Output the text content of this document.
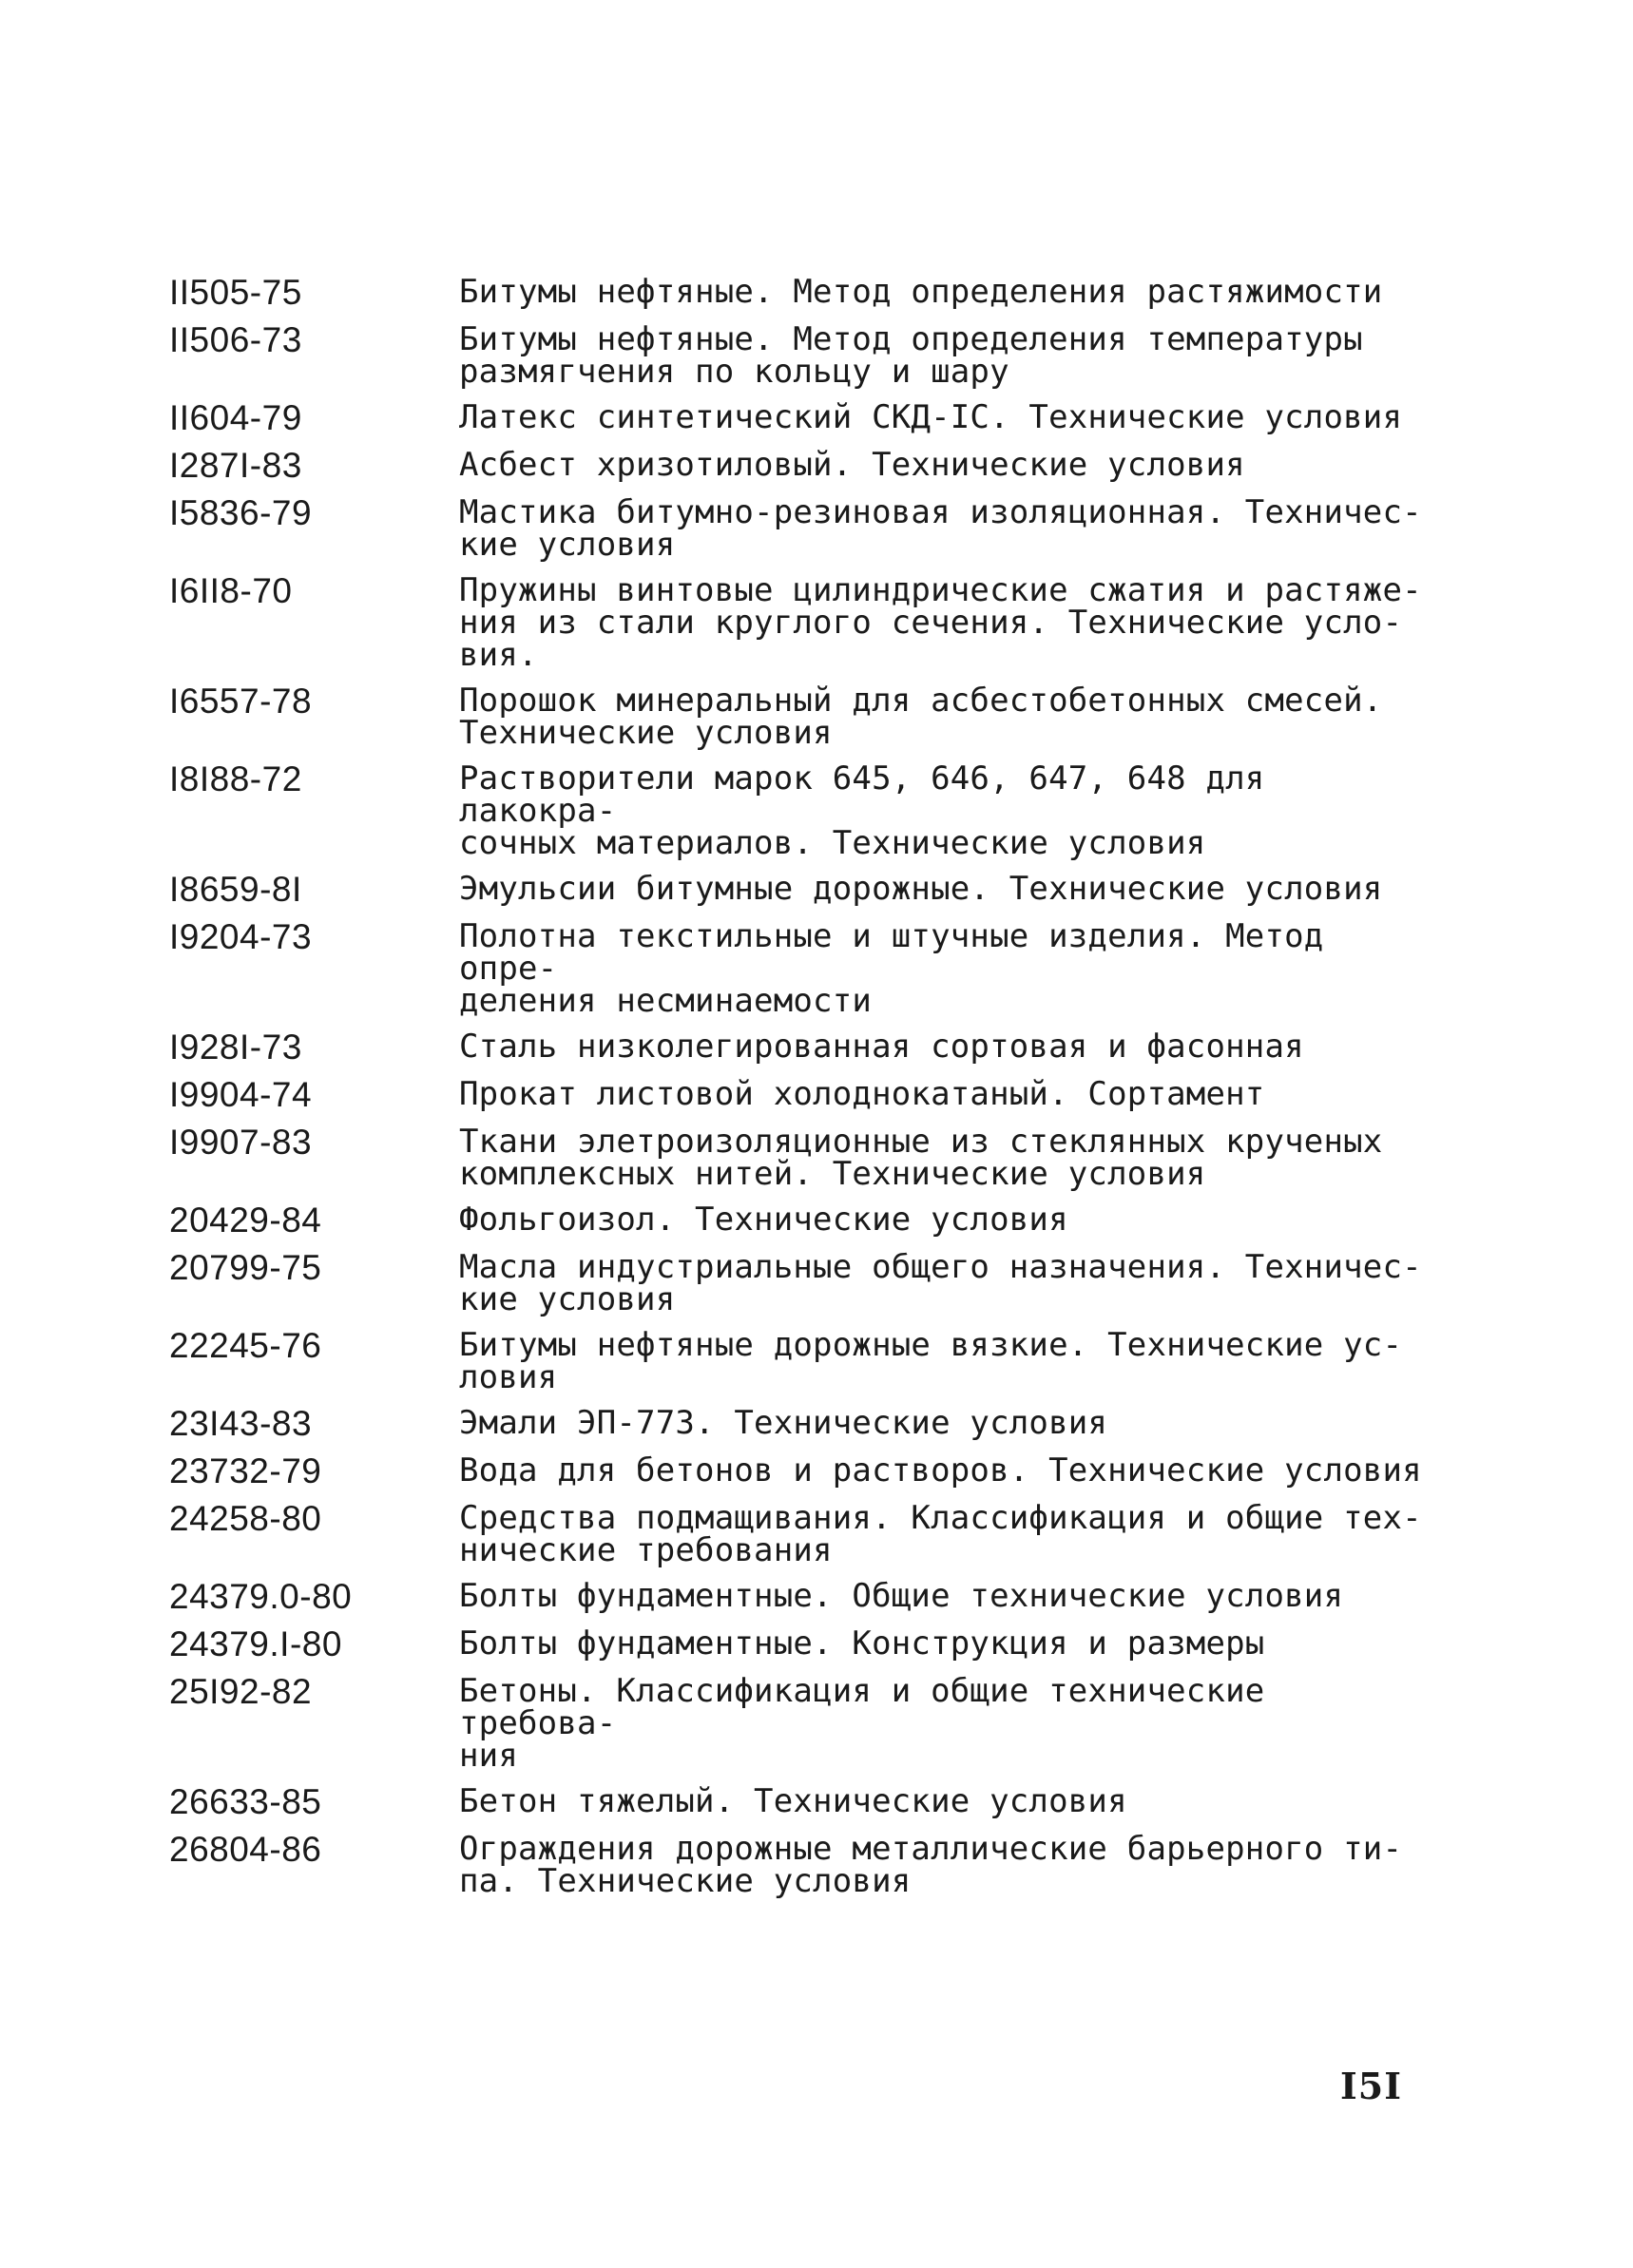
II505-75	Битумы нефтяные. Метод определения растяжимости
II506-73	Битумы нефтяные. Метод определения температуры
размягчения по кольцу и шару
II604-79	Латекс синтетический СКД-IС. Технические условия
I287I-83	Асбест хризотиловый. Технические условия
I5836-79	Мастика битумно-резиновая изоляционная. Техничес-
кие условия
I6II8-70	Пружины винтовые цилиндрические сжатия и растяже-
ния из стали круглого сечения. Технические усло-
вия.
I6557-78	Порошок минеральный для асбестобетонных смесей.
Технические условия
I8I88-72	Растворители марок 645, 646, 647, 648 для лакокра-
сочных материалов. Технические условия
I8659-8I	Эмульсии битумные дорожные. Технические условия
I9204-73	Полотна текстильные и штучные изделия. Метод опре-
деления несминаемости
I928I-73	Сталь низколегированная сортовая и фасонная
I9904-74	Прокат листовой холоднокатаный. Сортамент
I9907-83	Ткани элетроизоляционные из стеклянных крученых
комплексных нитей. Технические условия
20429-84	Фольгоизол. Технические условия
20799-75	Масла индустриальные общего назначения. Техничес-
кие условия
22245-76	Битумы нефтяные дорожные вязкие. Технические ус-
ловия
23I43-83	Эмали ЭП-773. Технические условия
23732-79	Вода для бетонов и растворов. Технические условия
24258-80	Средства подмащивания. Классификация и общие тех-
нические требования
24379.0-80	Болты фундаментные. Общие технические условия
24379.I-80	Болты фундаментные. Конструкция и размеры
25I92-82	Бетоны. Классификация и общие технические требова-
ния
26633-85	Бетон тяжелый. Технические условия
26804-86	Ограждения дорожные металлические барьерного ти-
па. Технические условия
I5I
